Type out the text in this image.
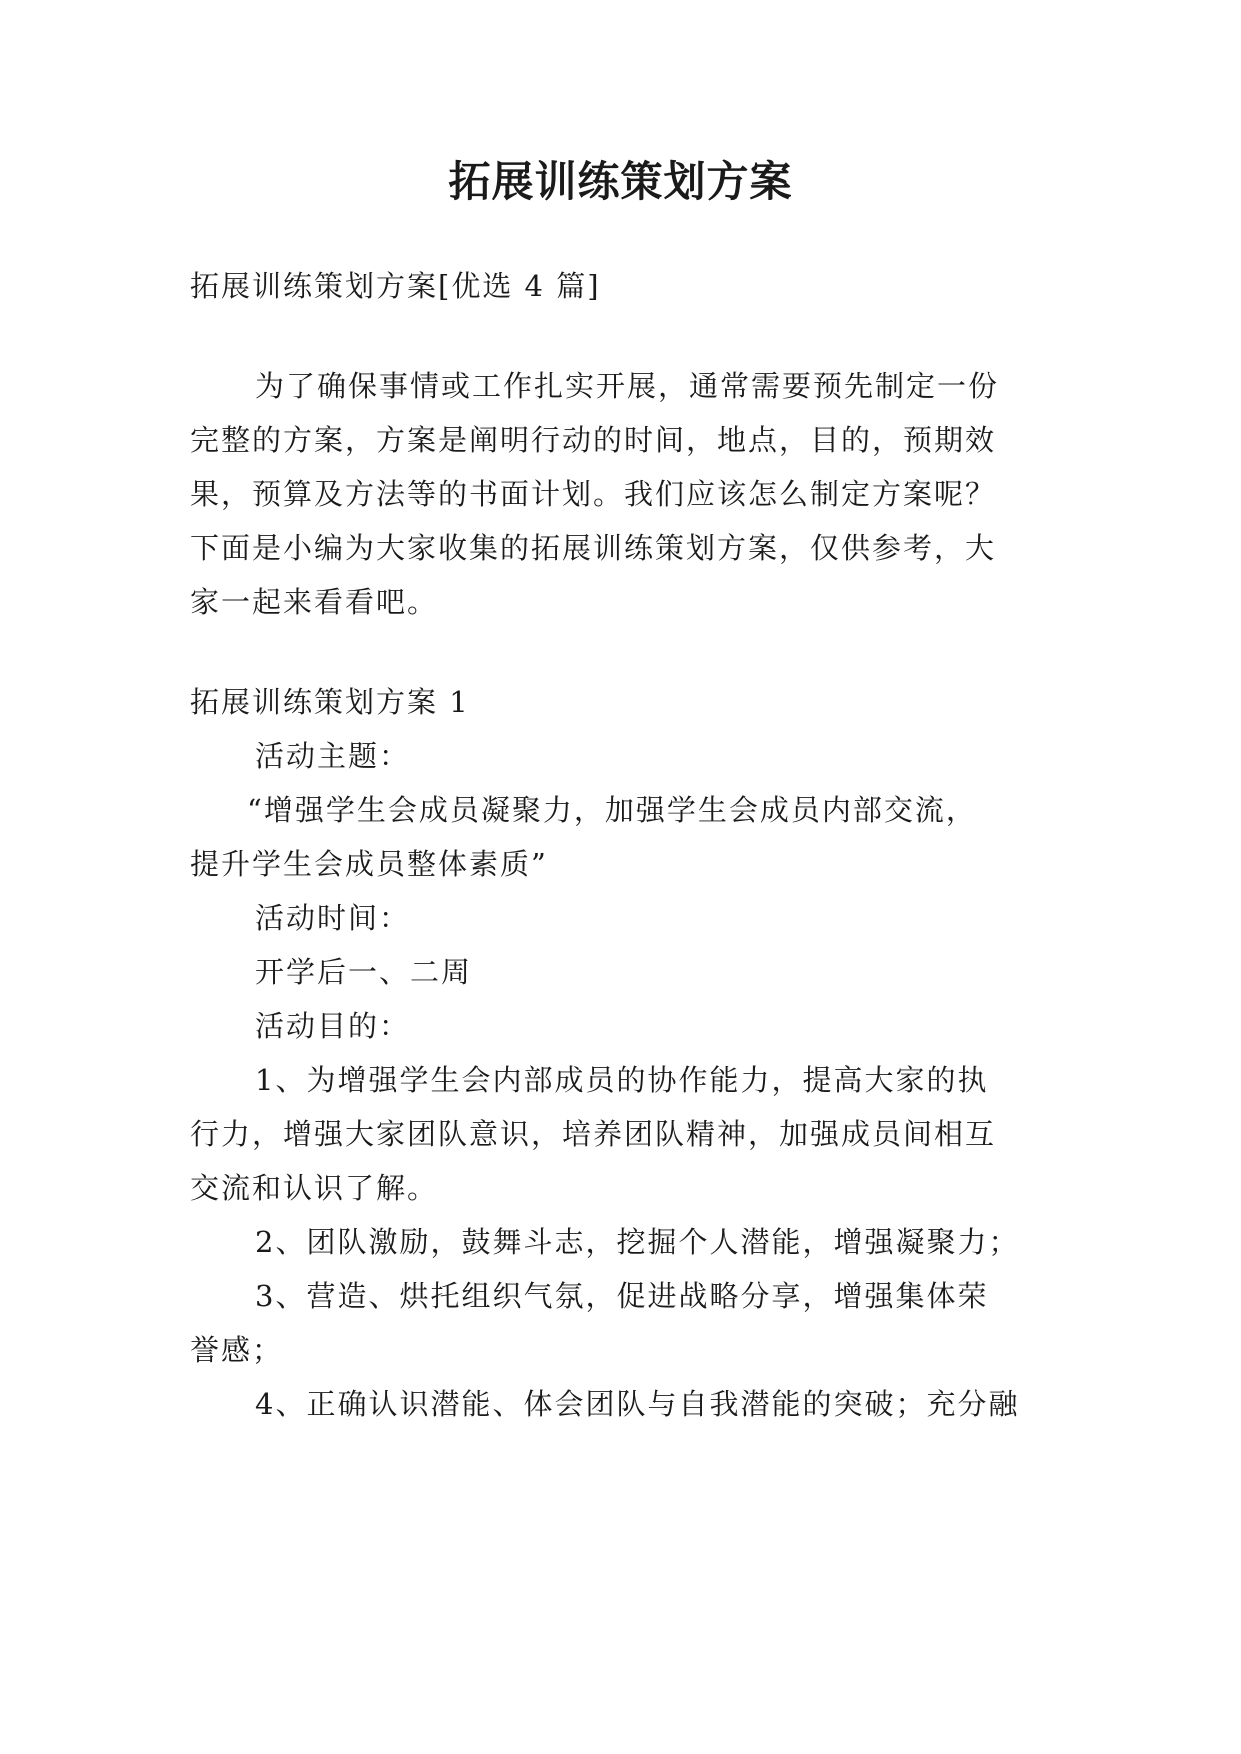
拓展训练策划方案
拓展训练策划方案[优选 4 篇]
为了确保事情或工作扎实开展，通常需要预先制定一份
完整的方案，方案是阐明行动的时间，地点，目的，预期效
果，预算及方法等的书面计划。我们应该怎么制定方案呢？
下面是小编为大家收集的拓展训练策划方案，仅供参考，大
家一起来看看吧。
拓展训练策划方案 1
活动主题：
“增强学生会成员凝聚力，加强学生会成员内部交流，
提升学生会成员整体素质”
活动时间：
开学后一、二周
活动目的：
1、为增强学生会内部成员的协作能力，提高大家的执
行力，增强大家团队意识，培养团队精神，加强成员间相互
交流和认识了解。
2、团队激励，鼓舞斗志，挖掘个人潜能，增强凝聚力；
3、营造、烘托组织气氛，促进战略分享，增强集体荣
誉感；
4、正确认识潜能、体会团队与自我潜能的突破；充分融
